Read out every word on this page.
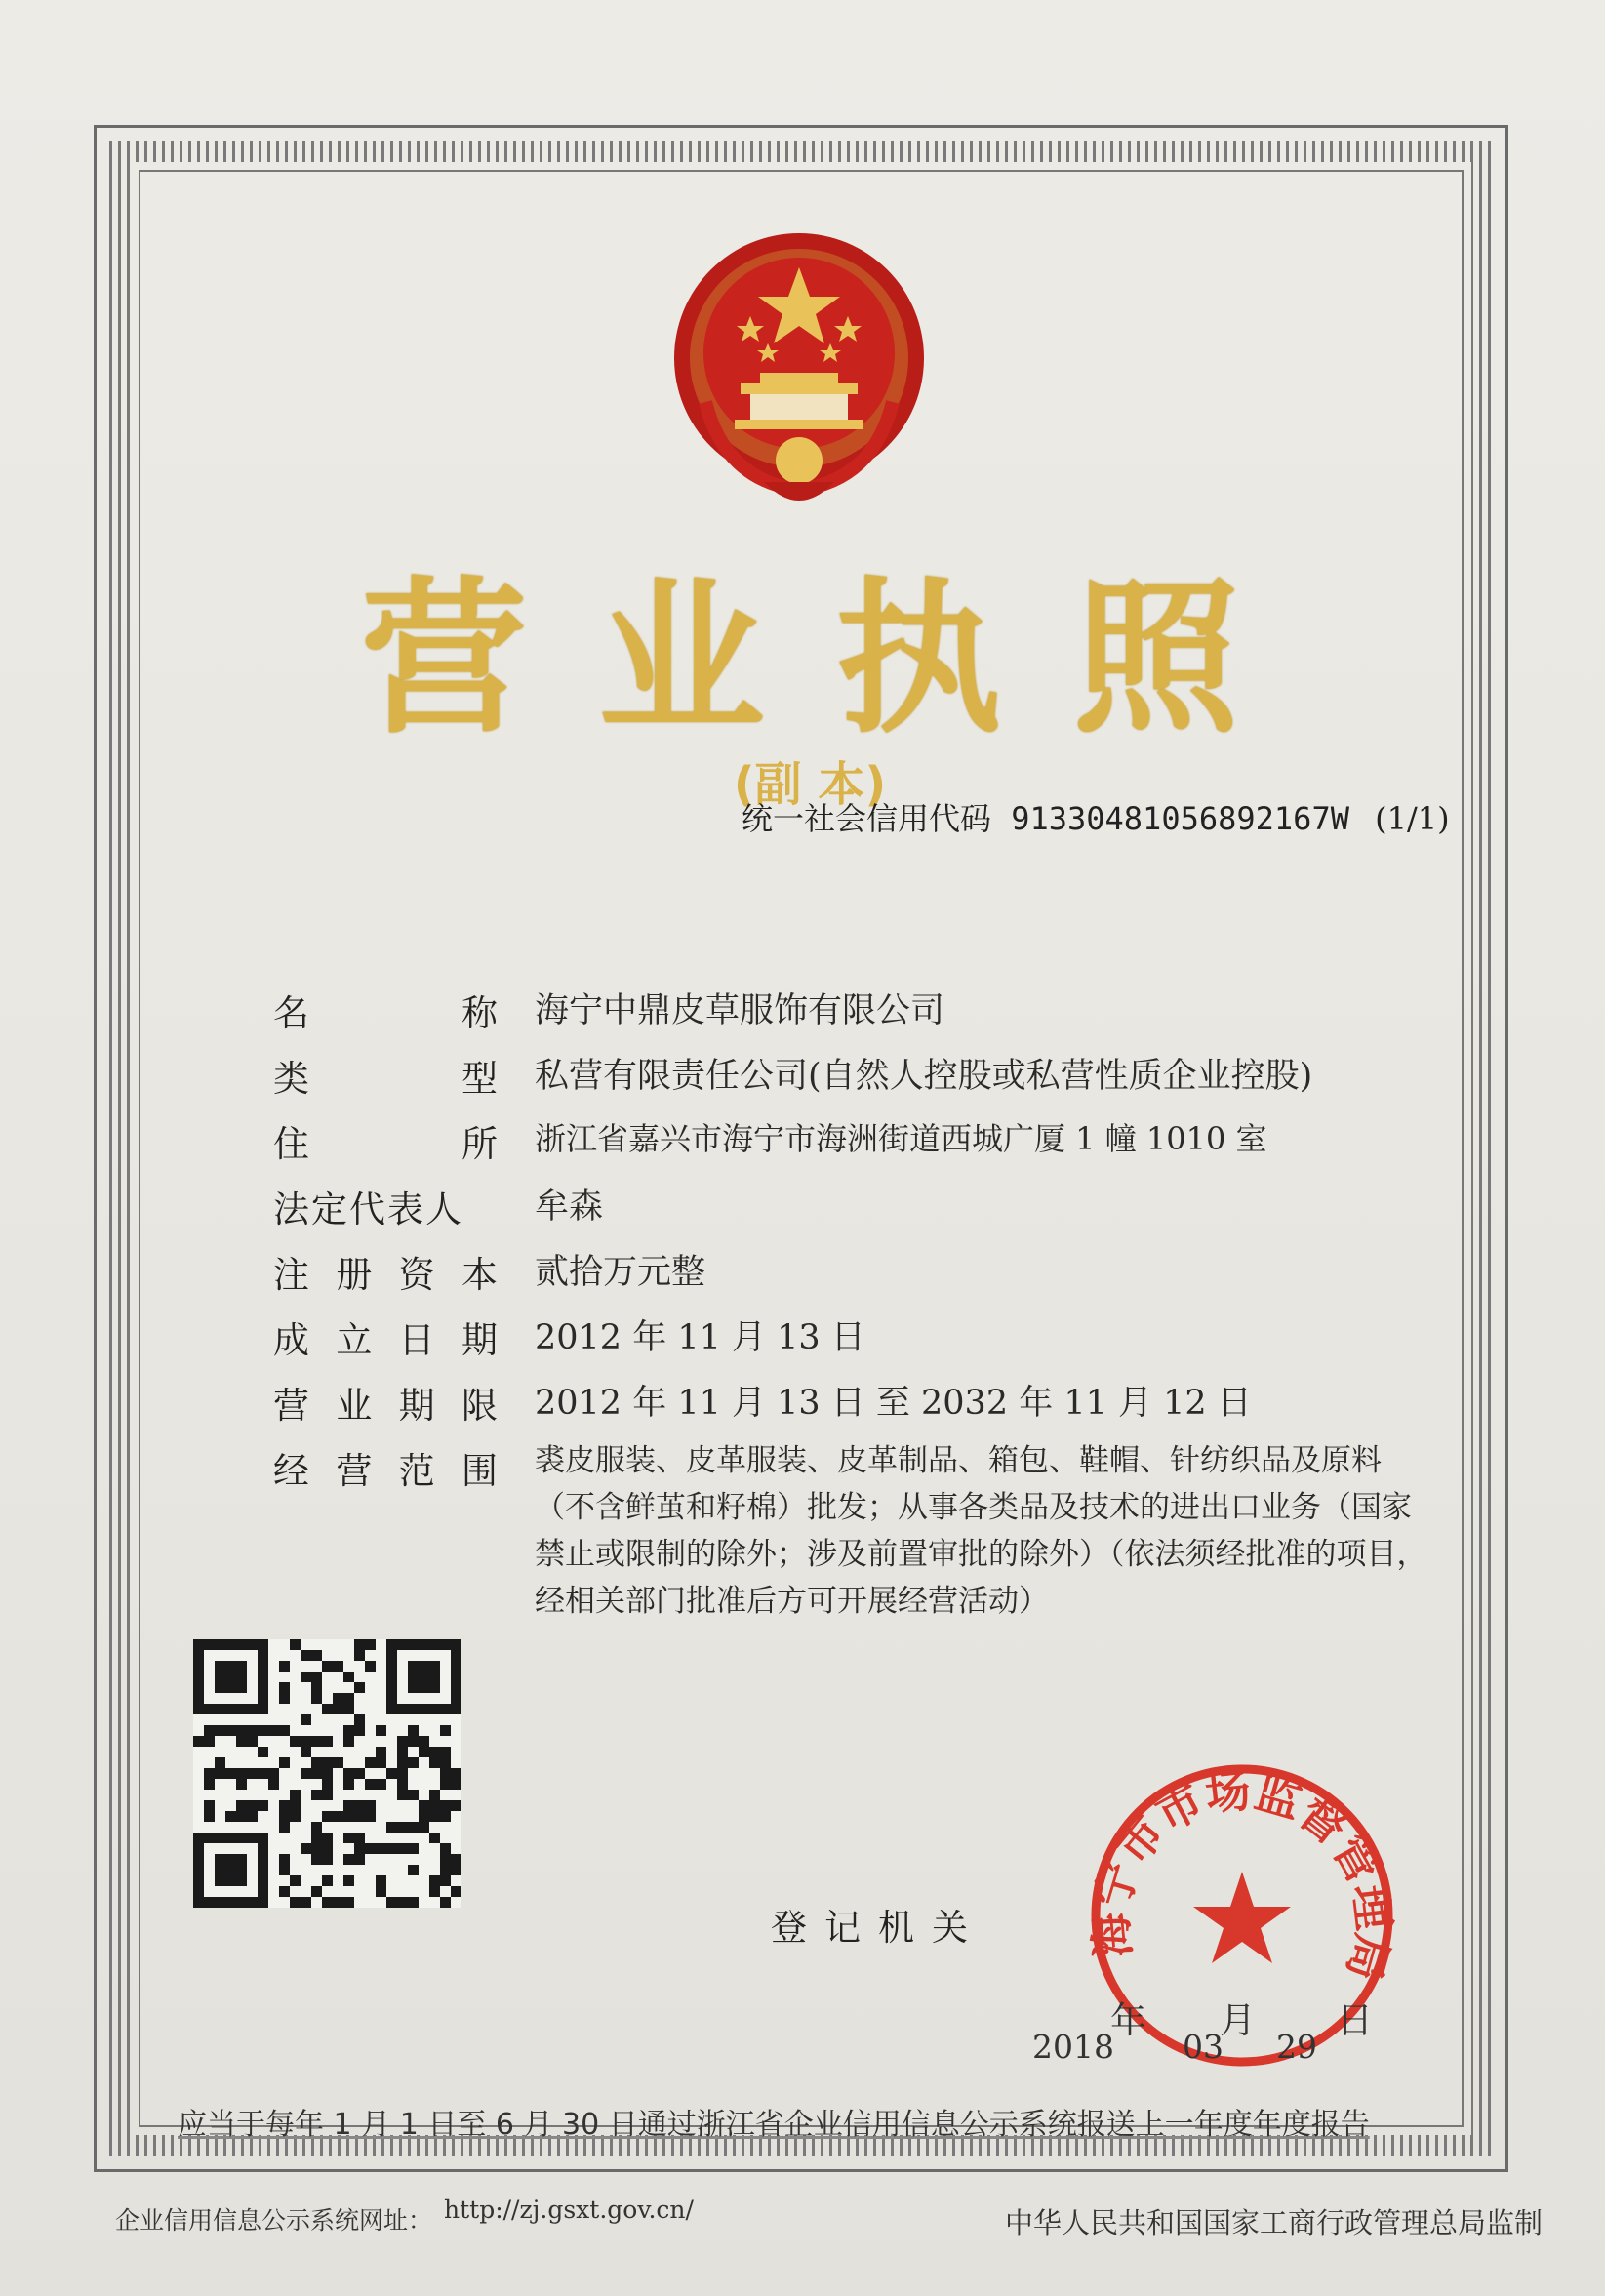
营 业 执 照
(副 本)
统一社会信用代码 91330481056892167W (1/1)
名	称 海宁中鼎皮草服饰有限公司
类	型 私营有限责任公司(自然人控股或私营性质企业控股)
住	所 浙江省嘉兴市海宁市海洲街道西城广厦 1 幢 1010 室
法定代表人 牟森
注 册 资 本 贰拾万元整
成 立 日 期 2012 年 11 月 13 日
营 业 期 限 2012 年 11 月 13 日 至 2032 年 11 月 12 日
经 营 范 围 裘皮服装、皮革服装、皮革制品、箱包、鞋帽、针纺织品及原料（不含鲜茧和籽棉）批发；从事各类品及技术的进出口业务（国家禁止或限制的除外；涉及前置审批的除外）（依法须经批准的项目，经相关部门批准后方可开展经营活动）
登记机关	海宁市市场监督管理局
年 月 日
2018 03 29
应当于每年 1 月 1 日至 6 月 30 日通过浙江省企业信用信息公示系统报送上一年度年度报告
企业信用信息公示系统网址： http://zj.gsxt.gov.cn/	中华人民共和国国家工商行政管理总局监制
